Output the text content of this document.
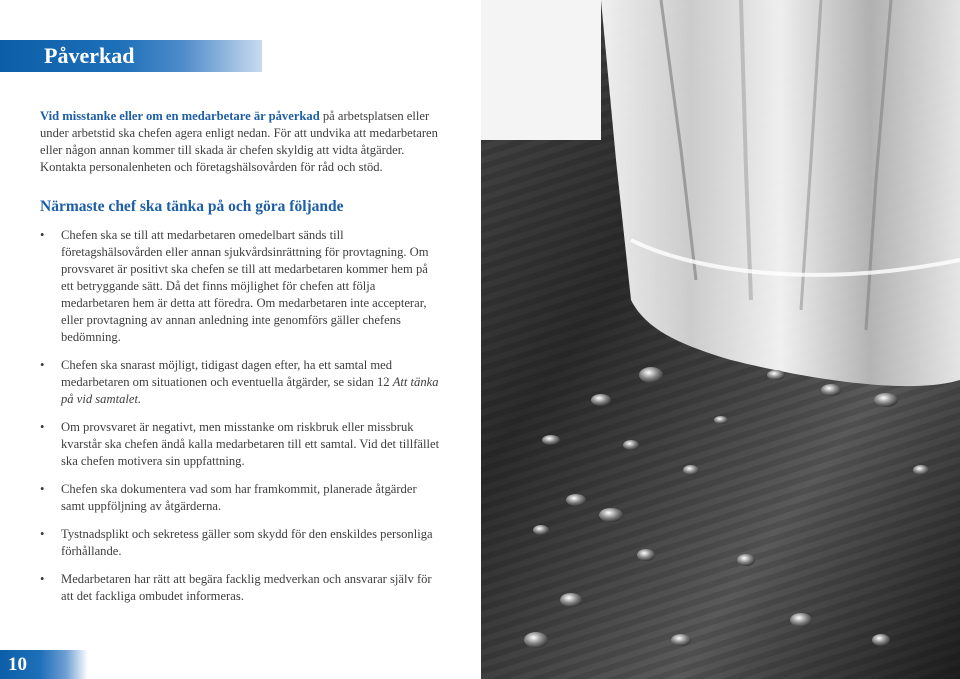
Påverkad

Vid misstanke eller om en medarbetare är påverkad på arbetsplatsen eller under arbetstid ska chefen agera enligt nedan. För att undvika att medarbetaren eller någon annan kommer till skada är chefen skyldig att vidta åtgärder. Kontakta personalenheten och företagshälsovården för råd och stöd.

Närmaste chef ska tänka på och göra följande
• Chefen ska se till att medarbetaren omedelbart sänds till företagshälsovården eller annan sjukvårdsinrättning för provtagning. Om provsvaret är positivt ska chefen se till att medarbetaren kommer hem på ett betryggande sätt. Då det finns möjlighet för chefen att följa medarbetaren hem är detta att föredra. Om medarbetaren inte accepterar, eller provtagning av annan anledning inte genomförs gäller chefens bedömning.
• Chefen ska snarast möjligt, tidigast dagen efter, ha ett samtal med medarbetaren om situationen och eventuella åtgärder, se sidan 12 Att tänka på vid samtalet.
• Om provsvaret är negativt, men misstanke om riskbruk eller missbruk kvarstår ska chefen ändå kalla medarbetaren till ett samtal. Vid det tillfället ska chefen motivera sin uppfattning.
• Chefen ska dokumentera vad som har framkommit, planerade åtgärder samt uppföljning av åtgärderna.
• Tystnadsplikt och sekretess gäller som skydd för den enskildes personliga förhållande.
• Medarbetaren har rätt att begära facklig medverkan och ansvarar själv för att det fackliga ombudet informeras.
10
